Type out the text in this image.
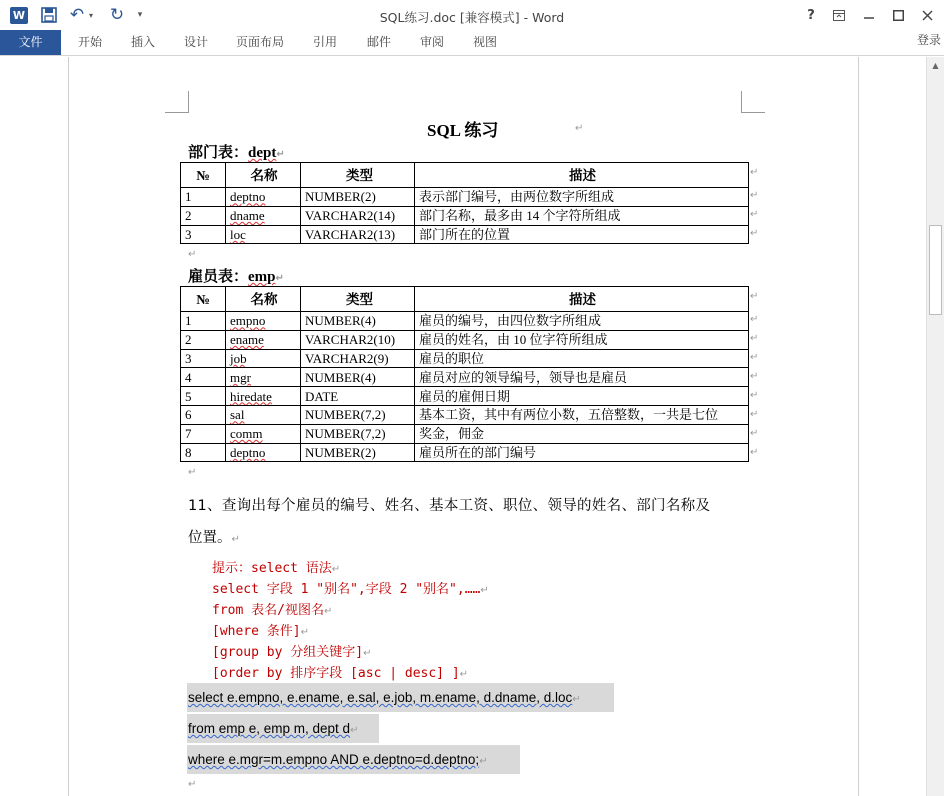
W	↶ ▾ ↻	▾	SQL练习.doc [兼容模式] - Word	?
文件	开始	插入	设计	页面布局	引用	邮件	审阅	视图	登录
SQL 练习	↵
部门表：dept↵
№	名称	类型	描述
1	deptno	NUMBER(2)	表示部门编号，由两位数字所组成
2	dname	VARCHAR2(14)	部门名称，最多由 14 个字符所组成
3	loc	VARCHAR2(13)	部门所在的位置
↵
↵
↵
↵
↵
雇员表：emp↵
№	名称	类型	描述
1	empno	NUMBER(4)	雇员的编号，由四位数字所组成
2	ename	VARCHAR2(10)	雇员的姓名，由 10 位字符所组成
3	job	VARCHAR2(9)	雇员的职位
4	mgr	NUMBER(4)	雇员对应的领导编号，领导也是雇员
5	hiredate	DATE	雇员的雇佣日期
6	sal	NUMBER(7,2)	基本工资，其中有两位小数，五倍整数，一共是七位
7	comm	NUMBER(7,2)	奖金，佣金
8	deptno	NUMBER(2)	雇员所在的部门编号
↵
↵
↵
↵
↵
↵
↵
↵
↵
↵
11、查询出每个雇员的编号、姓名、基本工资、职位、领导的姓名、部门名称及
位置。↵
提示：select 语法↵
select 字段 1 "别名",字段 2 "别名",……↵
from 表名/视图名↵
[where 条件]↵
[group by 分组关键字]↵
[order by 排序字段 [asc | desc] ]↵
select e.empno, e.ename, e.sal, e.job, m.ename, d.dname, d.loc↵
from emp e, emp m, dept d↵
where e.mgr=m.empno AND e.deptno=d.deptno;↵
↵
▲
